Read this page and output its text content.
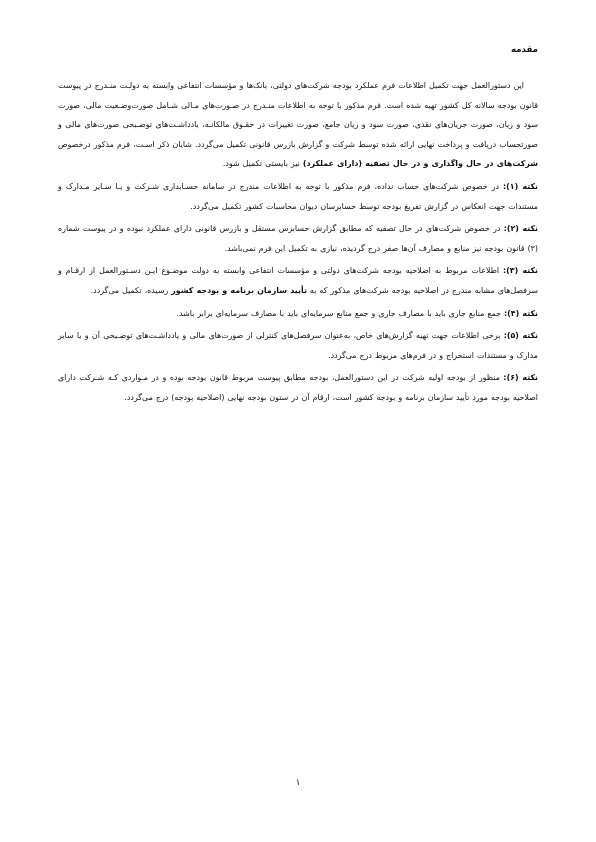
مقدمه

این دستورالعمل جهت تکمیل اطلاعات فرم عملکرد بودجه شرکت‌های دولتی، بانک‌ها و مؤسسات انتفاعی وابسته به دولـت منـدرج در پیوست قانون بودجه سالانه کل کشور تهیه شده است. فرم مذکور با توجه به اطلاعات منـدرج در صـورت‌های مـالی شـامل صورت‌وضـعیت مالی، صورت سود و زیان، صورت جریان‌های نقدی، صورت سود و زیان جامع، صورت تغییرات در حقـوق مالکانـه، یادداشـت‌های توضـیحی صورت‌های مالی و صورتحساب دریافت و پرداخت نهایی ارائه شده توسط شرکت و گزارش بازرس قانونی تکمیل می‌گردد. شایان ذکر اسـت، فرم مذکور درخصوص شرکت‌های در حال واگذاری و در حال تصفیه (دارای عملکرد) نیز بایستی تکمیل شود.

نکته (۱): در خصوص شرکت‌های حساب نداده، فرم مذکور با توجه به اطلاعات مندرج در سامانه حسـابداری شـرکت و یـا سـایر مـدارک و مستندات جهت انعکاس در گزارش تفریغ بودجه توسط حسابرسان دیوان محاسبات کشور تکمیل می‌گردد.

نکته (۲): در خصوص شرکت‌های در حال تصفیه که مطابق گزارش حسابرس مستقل و بازرس قانونی دارای عملکرد نبوده و در پیوست شماره (۳) قانون بودجه نیز منابع و مصارف آن‌ها صفر درج گردیده، نیازی به تکمیل این فرم نمی‌باشد.

نکته (۳): اطلاعات مربوط به اصلاحیه بودجه شرکت‌های دولتی و مؤسسات انتفاعی وابسته به دولت موضـوع ایـن دسـتورالعمل از ارقـام و سرفصل‌های مشابه مندرج در اصلاحیه بودجه شرکت‌های مذکور که به تأیید سازمان برنامه و بودجه کشور رسیده، تکمیل می‌گردد.

نکته (۴): جمع منابع جاری باید با مصارف جاری و جمع منابع سرمایه‌ای باید با مصارف سرمایه‌ای برابر باشد.

نکته (۵): برخی اطلاعات جهت تهیه گزارش‌های خاص، به‌عنوان سرفصل‌های کنترلی از صورت‌های مالی و یادداشـت‌های توضـیحی آن و یا سایر مدارک و مستندات استخراج و در فرم‌های مربوط درج می‌گردد.

نکته (۶): منظور از بودجه اولیه شرکت در این دستورالعمل، بودجه مطابق پیوست مربوط قانون بودجه بوده و در مـواردی کـه شـرکت دارای اصلاحیه بودجه مورد تأیید سازمان برنامه و بودجه کشور است، ارقام آن در ستون بودجه نهایی (اصلاحیه بودجه) درج می‌گردد.

۱
